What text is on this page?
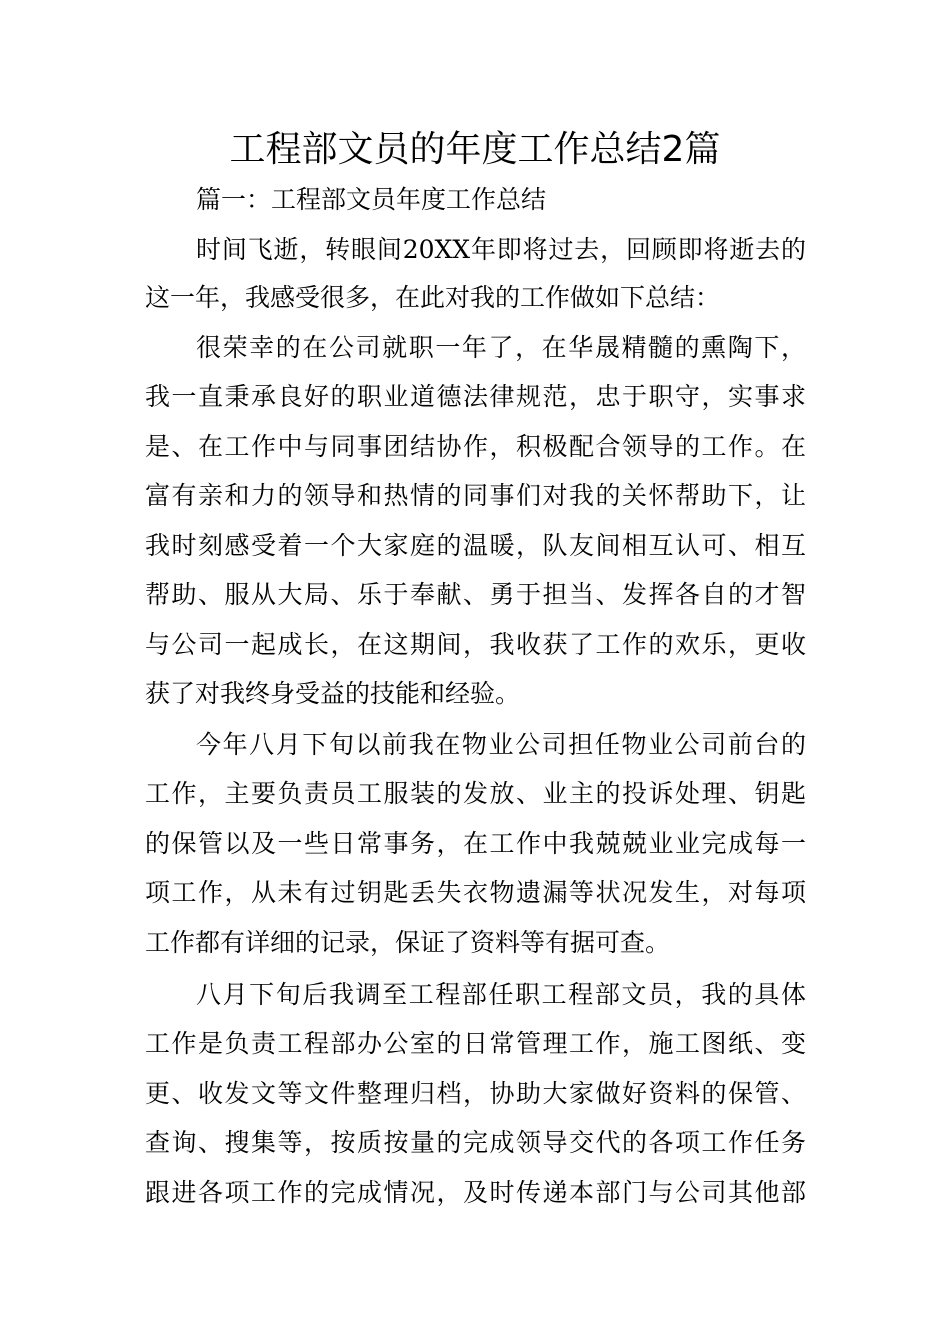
工程部文员的年度工作总结2篇
篇一：工程部文员年度工作总结
时间飞逝，转眼间20XX年即将过去，回顾即将逝去的
这一年，我感受很多，在此对我的工作做如下总结：
很荣幸的在公司就职一年了，在华晟精髓的熏陶下，
我一直秉承良好的职业道德法律规范，忠于职守，实事求
是、在工作中与同事团结协作，积极配合领导的工作。在
富有亲和力的领导和热情的同事们对我的关怀帮助下，让
我时刻感受着一个大家庭的温暖，队友间相互认可、相互
帮助、服从大局、乐于奉献、勇于担当、发挥各自的才智
与公司一起成长，在这期间，我收获了工作的欢乐，更收
获了对我终身受益的技能和经验。
今年八月下旬以前我在物业公司担任物业公司前台的
工作，主要负责员工服装的发放、业主的投诉处理、钥匙
的保管以及一些日常事务，在工作中我兢兢业业完成每一
项工作，从未有过钥匙丢失衣物遗漏等状况发生，对每项
工作都有详细的记录，保证了资料等有据可查。
八月下旬后我调至工程部任职工程部文员，我的具体
工作是负责工程部办公室的日常管理工作，施工图纸、变
更、收发文等文件整理归档，协助大家做好资料的保管、
查询、搜集等，按质按量的完成领导交代的各项工作任务
跟进各项工作的完成情况，及时传递本部门与公司其他部
